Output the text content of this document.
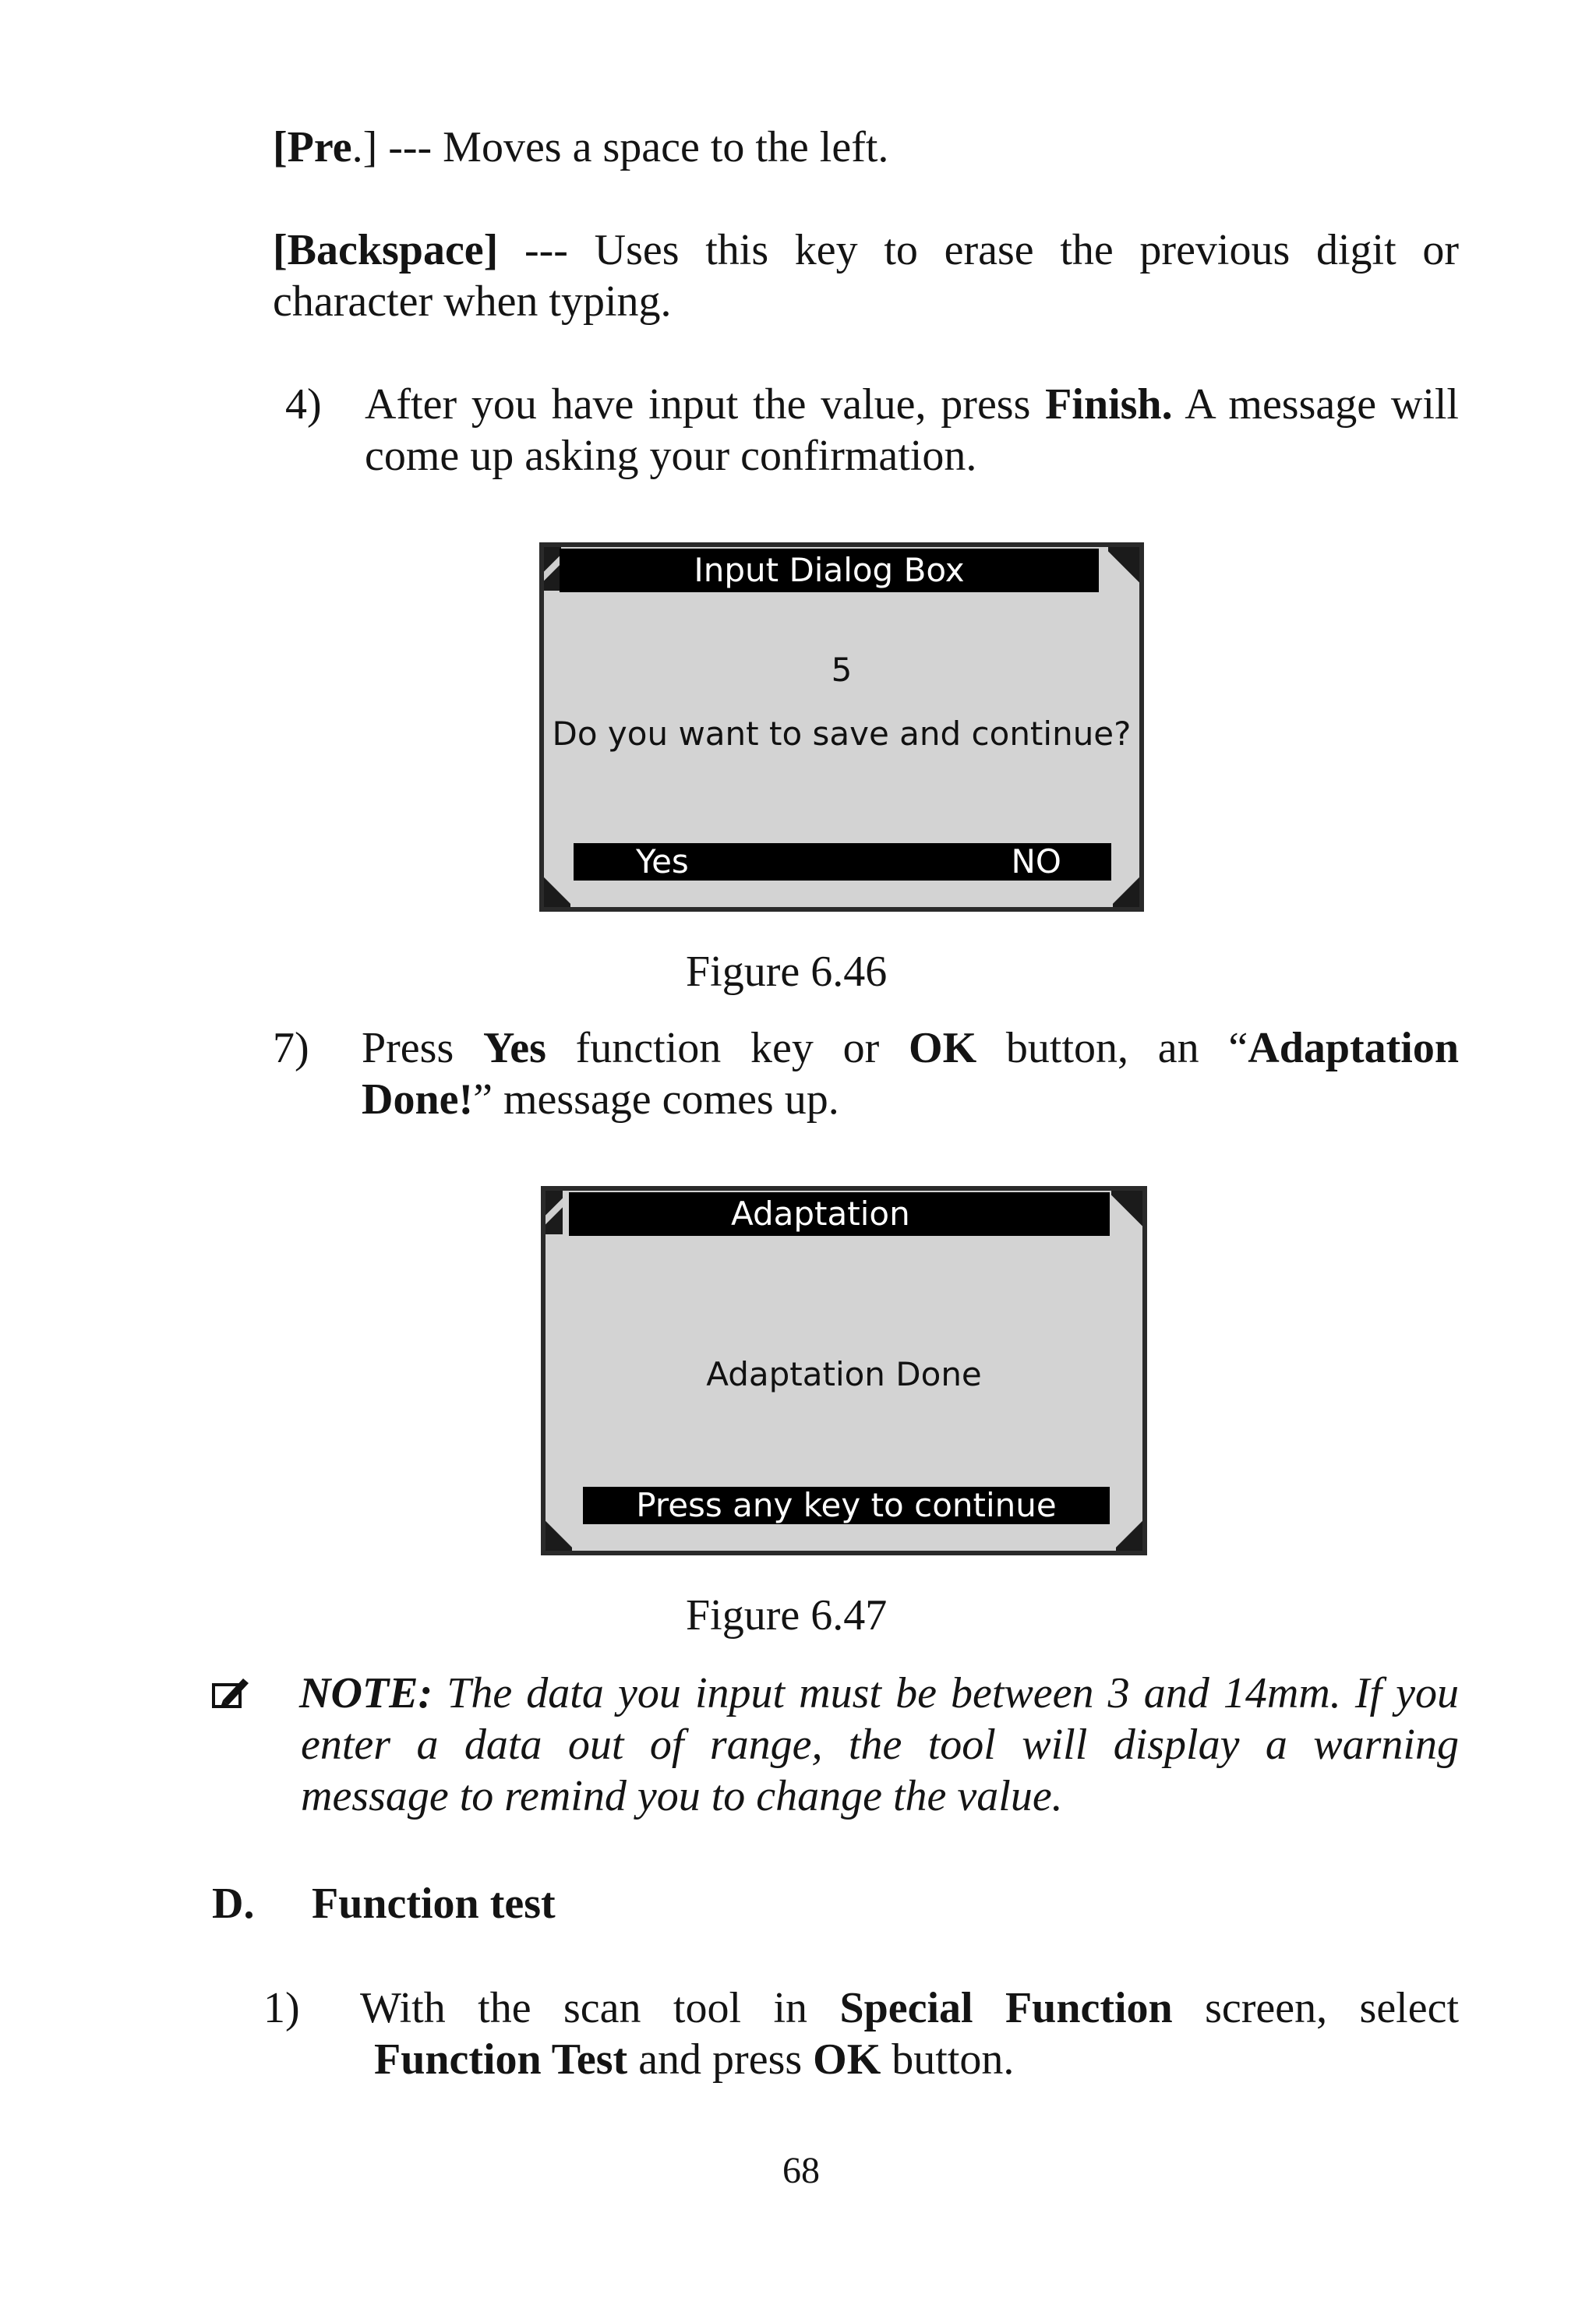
[Pre.] --- Moves a space to the left.
[Backspace] --- Uses this key to erase the previous digit or
character when typing.
4) After you have input the value, press Finish. A message will
come up asking your confirmation.
Input Dialog Box
5
Do you want to save and continue?
Yes	NO
Figure 6.46
7) Press Yes function key or OK button, an “Adaptation
Done!” message comes up.
Adaptation
Adaptation Done
Press any key to continue
Figure 6.47
NOTE: The data you input must be between 3 and 14mm. If you
enter a data out of range, the tool will display a warning
message to remind you to change the value.
D. Function test
1) With the scan tool in Special Function screen, select
Function Test and press OK button.
68
